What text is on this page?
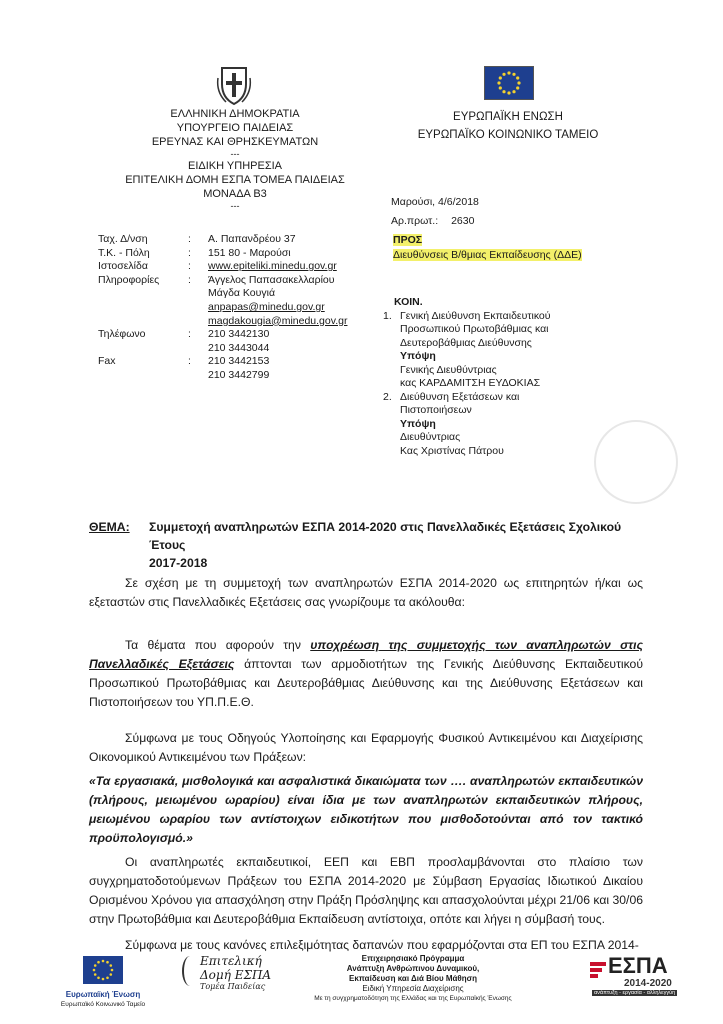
ΕΛΛΗΝΙΚΗ ΔΗΜΟΚΡΑΤΙΑ
ΥΠΟΥΡΓΕΙΟ ΠΑΙΔΕΙΑΣ
ΕΡΕΥΝΑΣ ΚΑΙ ΘΡΗΣΚΕΥΜΑΤΩΝ
---
ΕΙΔΙΚΗ ΥΠΗΡΕΣΙΑ
ΕΠΙΤΕΛΙΚΗ ΔΟΜΗ ΕΣΠΑ ΤΟΜΕΑ ΠΑΙΔΕΙΑΣ
ΜΟΝΑΔΑ Β3
---
ΕΥΡΩΠΑΪΚΗ ΕΝΩΣΗ
ΕΥΡΩΠΑΪΚΟ ΚΟΙΝΩΝΙΚΟ ΤΑΜΕΙΟ
Μαρούσι, 4/6/2018
Αρ.πρωτ.: 2630
Ταχ. Δ/νση	: Α. Παπανδρέου 37
Τ.Κ. - Πόλη	: 151 80 - Μαρούσι
Ιστοσελίδα	: www.epiteliki.minedu.gov.gr
Πληροφορίες	: Άγγελος Παπασακελλαρίου
Μάγδα Κουγιά
anpapas@minedu.gov.gr
magdakougia@minedu.gov.gr
Τηλέφωνο	: 210 3442130
210 3443044
Fax	: 210 3442153
210 3442799
ΠΡΟΣ
Διευθύνσεις Β/θμιας Εκπαίδευσης (ΔΔΕ)
ΚΟΙΝ.
1. Γενική Διεύθυνση Εκπαιδευτικού
Προσωπικού Πρωτοβάθμιας και
Δευτεροβάθμιας Διεύθυνσης
Υπόψη
Γενικής Διευθύντριας
κας ΚΑΡΔΑΜΙΤΣΗ ΕΥΔΟΚΙΑΣ
2. Διεύθυνση Εξετάσεων και
Πιστοποιήσεων
Υπόψη
Διευθύντριας
Κας Χριστίνας Πάτρου
ΘΕΜΑ: Συμμετοχή αναπληρωτών ΕΣΠΑ 2014-2020 στις Πανελλαδικές Εξετάσεις Σχολικού Έτους
2017-2018
Σε σχέση με τη συμμετοχή των αναπληρωτών ΕΣΠΑ 2014-2020 ως επιτηρητών ή/και ως εξεταστών στις Πανελλαδικές Εξετάσεις σας γνωρίζουμε τα ακόλουθα:
Τα θέματα που αφορούν την υποχρέωση της συμμετοχής των αναπληρωτών στις Πανελλαδικές Εξετάσεις άπτονται των αρμοδιοτήτων της Γενικής Διεύθυνσης Εκπαιδευτικού Προσωπικού Πρωτοβάθμιας και Δευτεροβάθμιας Διεύθυνσης και της Διεύθυνσης Εξετάσεων και Πιστοποιήσεων του ΥΠ.Π.Ε.Θ.
Σύμφωνα με τους Οδηγούς Υλοποίησης και Εφαρμογής Φυσικού Αντικειμένου και Διαχείρισης Οικονομικού Αντικειμένου των Πράξεων:
«Τα εργασιακά, μισθολογικά και ασφαλιστικά δικαιώματα των …. αναπληρωτών εκπαιδευτικών (πλήρους, μειωμένου ωραρίου) είναι ίδια με των αναπληρωτών εκπαιδευτικών πλήρους, μειωμένου ωραρίου των αντίστοιχων ειδικοτήτων που μισθοδοτούνται από τον τακτικό προϋπολογισμό.»
Οι αναπληρωτές εκπαιδευτικοί, ΕΕΠ και ΕΒΠ προσλαμβάνονται στο πλαίσιο των συγχρηματοδοτούμενων Πράξεων του ΕΣΠΑ 2014-2020 με Σύμβαση Εργασίας Ιδιωτικού Δικαίου Ορισμένου Χρόνου για απασχόληση στην Πράξη Πρόσληψης και απασχολούνται μέχρι 21/06 και 30/06 στην Πρωτοβάθμια και Δευτεροβάθμια Εκπαίδευση αντίστοιχα, οπότε και λήγει η σύμβασή τους.
Σύμφωνα με τους κανόνες επιλεξιμότητας δαπανών που εφαρμόζονται στα ΕΠ του ΕΣΠΑ 2014-
Ευρωπαϊκή Ένωση
Ευρωπαϊκό Κοινωνικό Ταμείο
Επιτελική
Δομή ΕΣΠΑ
Τομέα Παιδείας
Επιχειρησιακό Πρόγραμμα
Ανάπτυξη Ανθρώπινου Δυναμικού,
Εκπαίδευση και Διά Βίου Μάθηση
Ειδική Υπηρεσία Διαχείρισης
Με τη συγχρηματοδότηση της Ελλάδας και της Ευρωπαϊκής Ένωσης
ΕΣΠΑ
2014-2020
ανάπτυξη - εργασία - αλληλεγγύη
